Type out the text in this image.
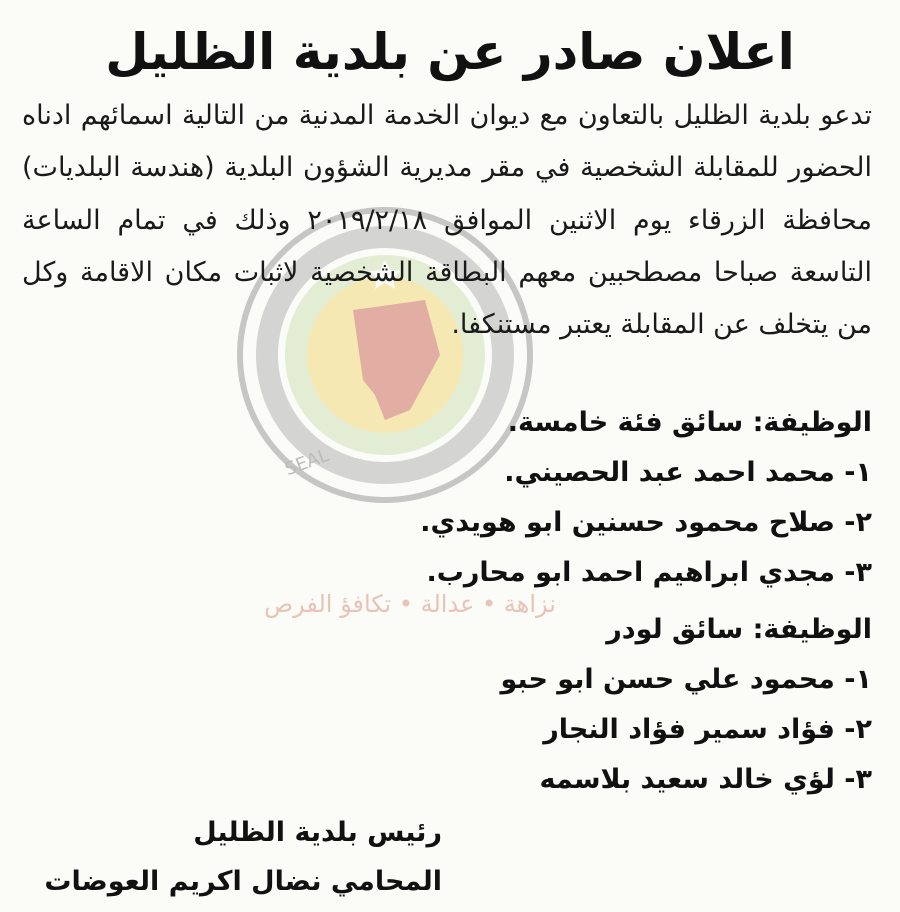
SEAL
نزاهة • عدالة • تكافؤ الفرص
اعلان صادر عن بلدية الظليل
تدعو بلدية الظليل بالتعاون مع ديوان الخدمة المدنية من التالية اسمائهم ادناه الحضور للمقابلة الشخصية في مقر مديرية الشؤون البلدية (هندسة البلديات) محافظة الزرقاء يوم الاثنين الموافق ٢٠١٩/٢/١٨ وذلك في تمام الساعة التاسعة صباحا مصطحبين معهم البطاقة الشخصية لاثبات مكان الاقامة وكل من يتخلف عن المقابلة يعتبر مستنكفا.
الوظيفة: سائق فئة خامسة.
١- محمد احمد عبد الحصيني.
٢- صلاح محمود حسنين ابو هويدي.
٣- مجدي ابراهيم احمد ابو محارب.
الوظيفة: سائق لودر
١- محمود علي حسن ابو حبو
٢- فؤاد سمير فؤاد النجار
٣- لؤي خالد سعيد بلاسمه
رئيس بلدية الظليل
المحامي نضال اكريم العوضات
